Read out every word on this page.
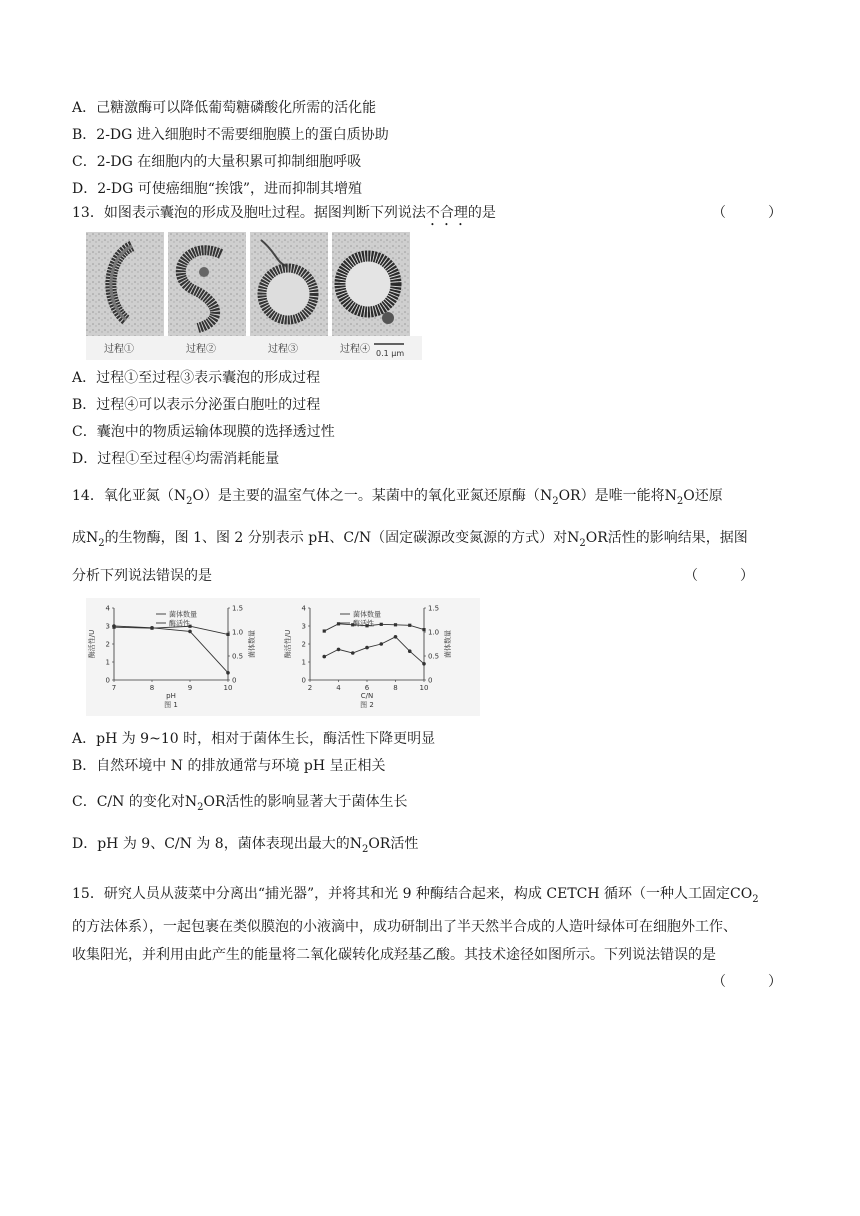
A．己糖激酶可以降低葡萄糖磷酸化所需的活化能
B．2-DG 进入细胞时不需要细胞膜上的蛋白质协助
C．2-DG 在细胞内的大量积累可抑制细胞呼吸
D．2-DG 可使癌细胞“挨饿”，进而抑制其增殖
13．如图表示囊泡的形成及胞吐过程。据图判断下列说法不合理的是	（　　　）
过程①	过程②	过程③	过程④ 0.1 μm
A．过程①至过程③表示囊泡的形成过程
B．过程④可以表示分泌蛋白胞吐的过程
C．囊泡中的物质运输体现膜的选择透过性
D．过程①至过程④均需消耗能量
14．氧化亚氮$(N_2O)$是主要的温室气体之一。某菌中的氧化亚氮还原酶$(N_2OR)$是唯一能将$N_2O$还原
成$N_2$的生物酶，图 1、图 2 分别表示 pH、C/N（固定碳源改变氮源的方式）对$N_2OR$活性的影响结果，据图
分析下列说法错误的是	（　　　）
0
1
2
3
4
0
0.5
1.0
1.5
7	8	9	10
酶活性/U	菌体数量
pH
图 1
菌体数量
酶活性
0
1
2
3
4
0
0.5
1.0
1.5
2	4	6	8	10
酶活性/U	菌体数量
C/N
图 2
菌体数量
酶活性
A．pH 为 9~10 时，相对于菌体生长，酶活性下降更明显
B．自然环境中 N 的排放通常与环境 pH 呈正相关
C．C/N 的变化对$N_2OR$活性的影响显著大于菌体生长
D．pH 为 9、C/N 为 8，菌体表现出最大的$N_2OR$活性
15．研究人员从菠菜中分离出“捕光器”，并将其和光 9 种酶结合起来，构成 CETCH 循环（一种人工固定$CO_2$
的方法体系），一起包裹在类似膜泡的小液滴中，成功研制出了半天然半合成的人造叶绿体可在细胞外工作、
收集阳光，并利用由此产生的能量将二氧化碳转化成羟基乙酸。其技术途径如图所示。下列说法错误的是
（　　　）
